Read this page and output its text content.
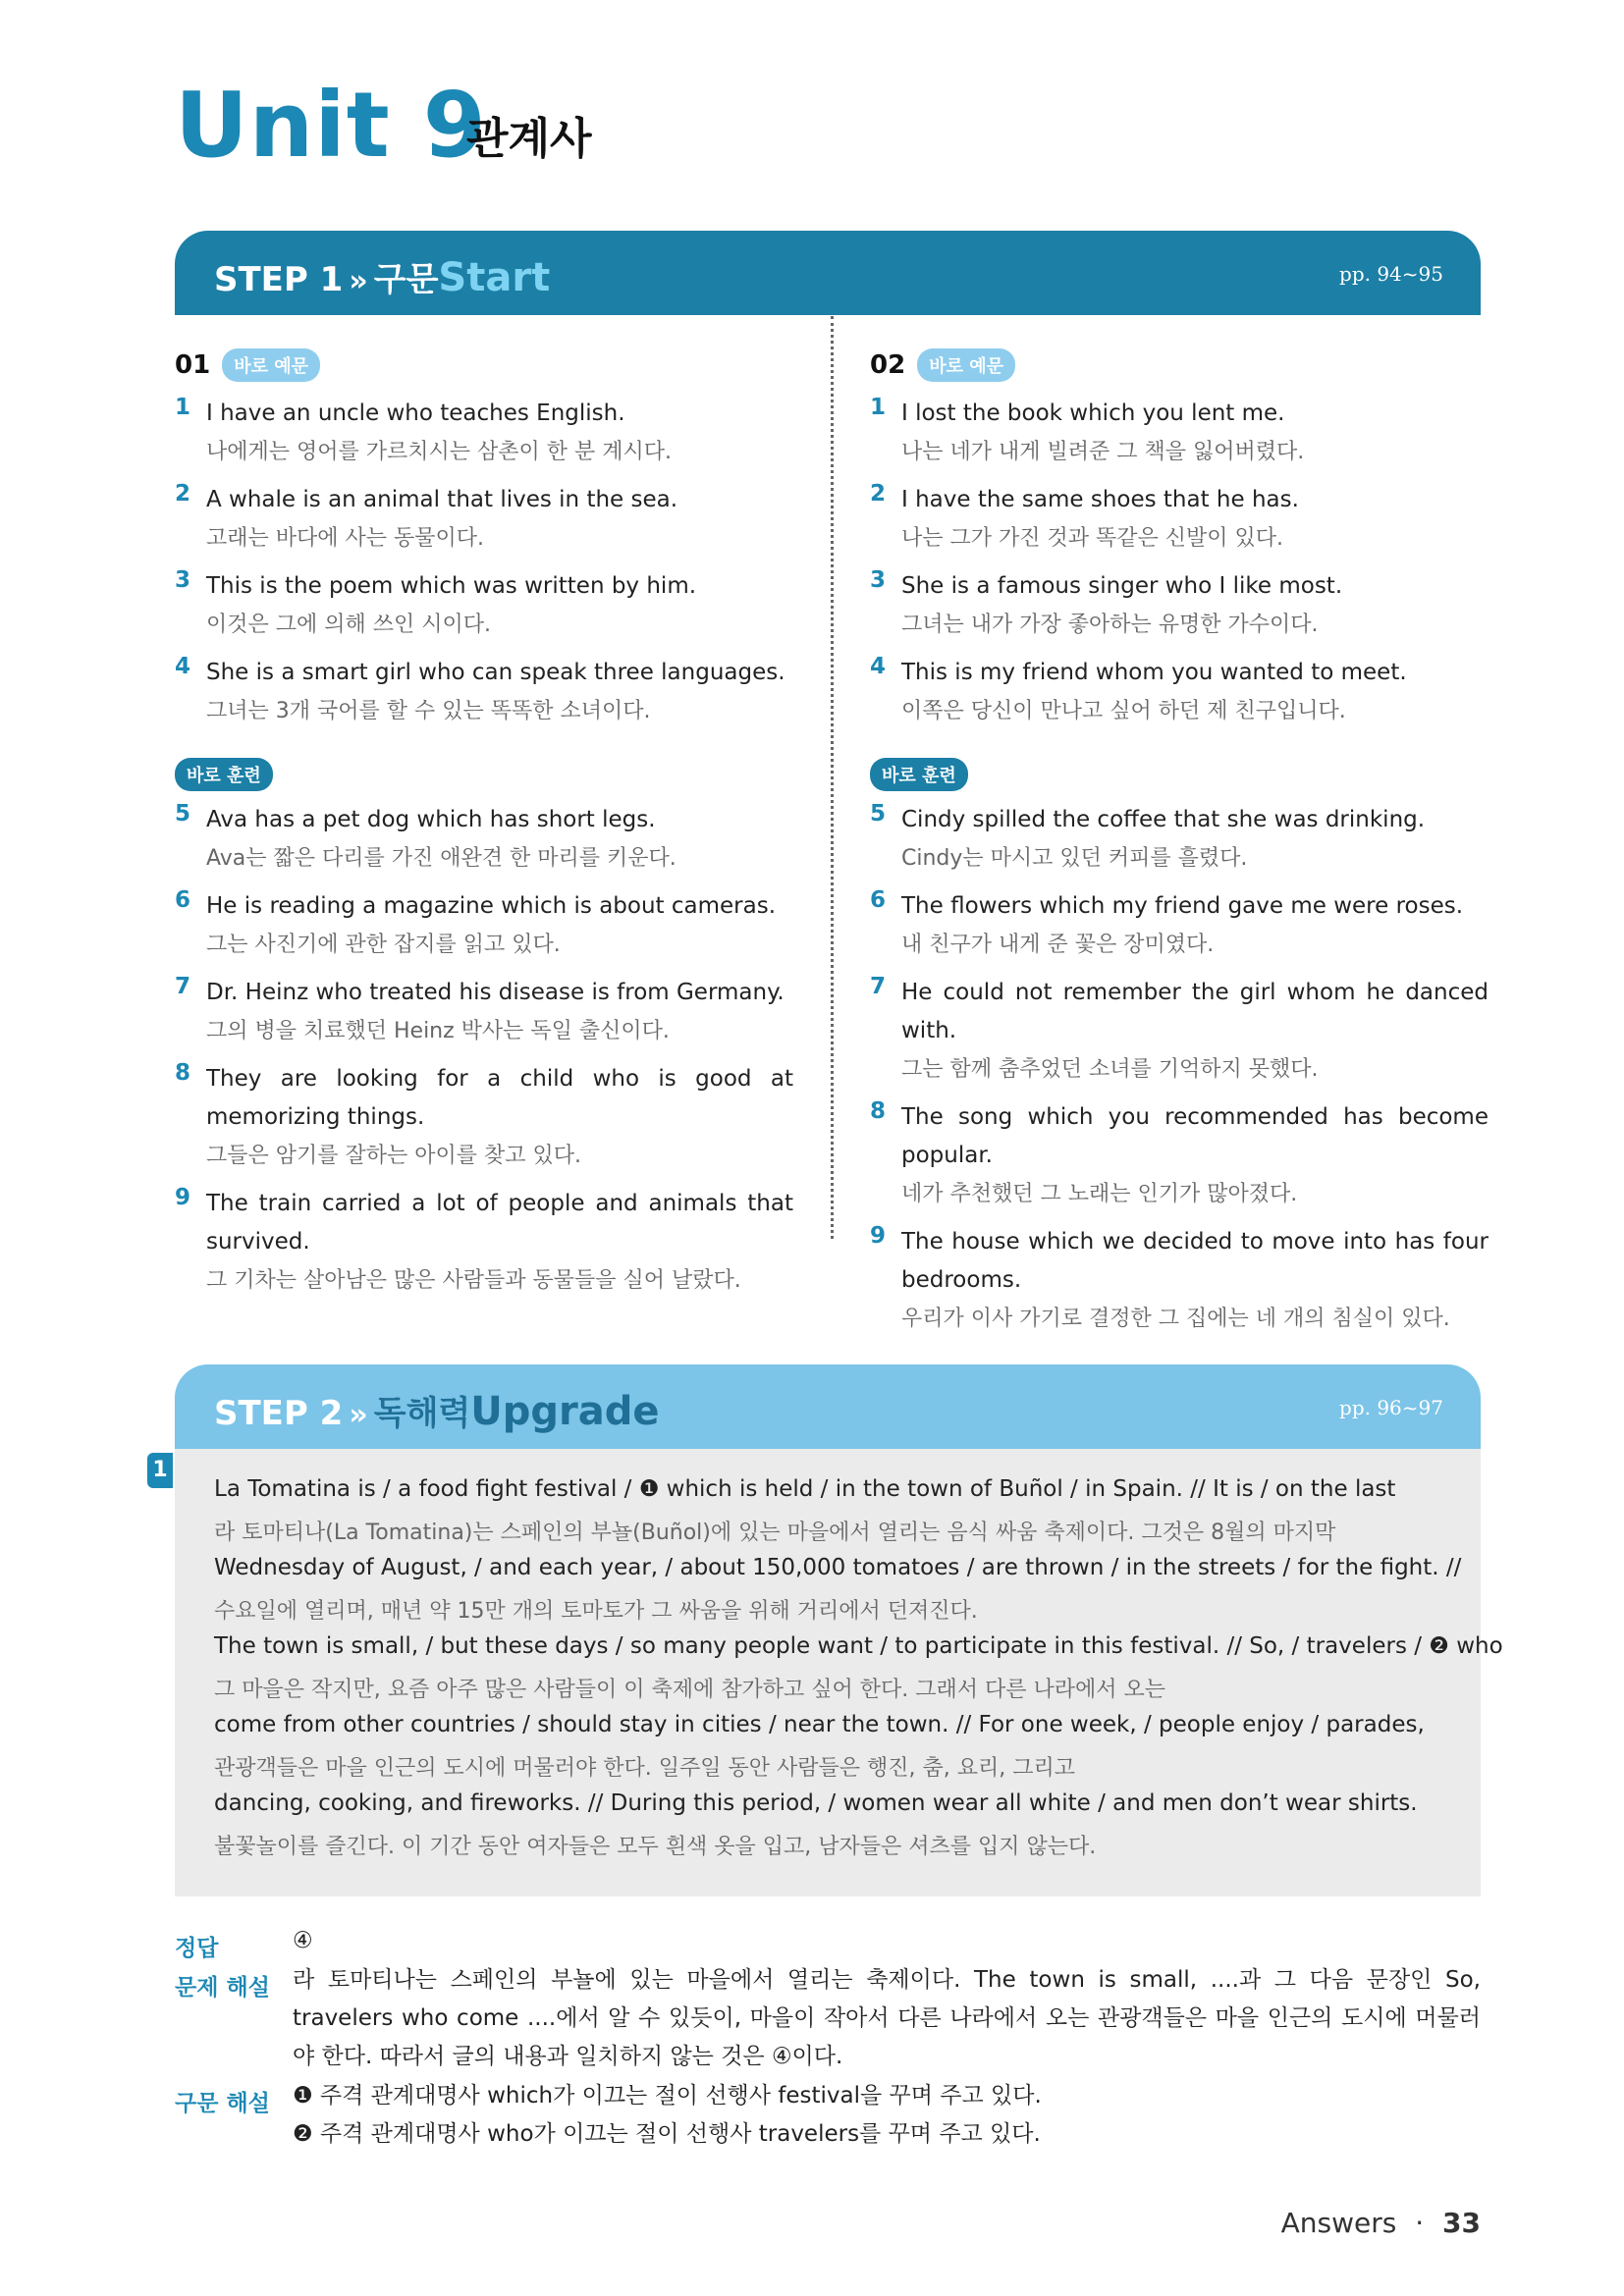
Unit 9
관계사
STEP 1 » 구문Start	pp. 94~95
01	바로 예문
1 I have an uncle who teaches English.
나에게는 영어를 가르치시는 삼촌이 한 분 계시다.
2 A whale is an animal that lives in the sea.
고래는 바다에 사는 동물이다.
3 This is the poem which was written by him.
이것은 그에 의해 쓰인 시이다.
4 She is a smart girl who can speak three languages.
그녀는 3개 국어를 할 수 있는 똑똑한 소녀이다.
바로 훈련
5 Ava has a pet dog which has short legs.
Ava는 짧은 다리를 가진 애완견 한 마리를 키운다.
6 He is reading a magazine which is about cameras.
그는 사진기에 관한 잡지를 읽고 있다.
7 Dr. Heinz who treated his disease is from Germany.
그의 병을 치료했던 Heinz 박사는 독일 출신이다.
8 They are looking for a child who is good at memorizing things.
그들은 암기를 잘하는 아이를 찾고 있다.
9 The train carried a lot of people and animals that survived.
그 기차는 살아남은 많은 사람들과 동물들을 실어 날랐다.
02	바로 예문
1 I lost the book which you lent me.
나는 네가 내게 빌려준 그 책을 잃어버렸다.
2 I have the same shoes that he has.
나는 그가 가진 것과 똑같은 신발이 있다.
3 She is a famous singer who I like most.
그녀는 내가 가장 좋아하는 유명한 가수이다.
4 This is my friend whom you wanted to meet.
이쪽은 당신이 만나고 싶어 하던 제 친구입니다.
바로 훈련
5 Cindy spilled the coffee that she was drinking.
Cindy는 마시고 있던 커피를 흘렸다.
6 The flowers which my friend gave me were roses.
내 친구가 내게 준 꽃은 장미였다.
7 He could not remember the girl whom he danced with.
그는 함께 춤추었던 소녀를 기억하지 못했다.
8 The song which you recommended has become popular.
네가 추천했던 그 노래는 인기가 많아졌다.
9 The house which we decided to move into has four bedrooms.
우리가 이사 가기로 결정한 그 집에는 네 개의 침실이 있다.
STEP 2 » 독해력Upgrade	pp. 96~97
1
La Tomatina is / a food fight festival / ❶ which is held / in the town of Buñol / in Spain. // It is / on the last
라 토마티나(La Tomatina)는 스페인의 부뇰(Buñol)에 있는 마을에서 열리는 음식 싸움 축제이다. 그것은 8월의 마지막
Wednesday of August, / and each year, / about 150,000 tomatoes / are thrown / in the streets / for the fight. //
수요일에 열리며, 매년 약 15만 개의 토마토가 그 싸움을 위해 거리에서 던져진다.
The town is small, / but these days / so many people want / to participate in this festival. // So, / travelers / ❷ who
그 마을은 작지만, 요즘 아주 많은 사람들이 이 축제에 참가하고 싶어 한다. 그래서 다른 나라에서 오는
come from other countries / should stay in cities / near the town. // For one week, / people enjoy / parades,
관광객들은 마을 인근의 도시에 머물러야 한다. 일주일 동안 사람들은 행진, 춤, 요리, 그리고
dancing, cooking, and fireworks. // During this period, / women wear all white / and men don’t wear shirts.
불꽃놀이를 즐긴다. 이 기간 동안 여자들은 모두 흰색 옷을 입고, 남자들은 셔츠를 입지 않는다.
정답	④
문제 해설 라 토마티나는 스페인의 부뇰에 있는 마을에서 열리는 축제이다. The town is small, ....과 그 다음 문장인 So, travelers who come ....에서 알 수 있듯이, 마을이 작아서 다른 나라에서 오는 관광객들은 마을 인근의 도시에 머물러야 한다. 따라서 글의 내용과 일치하지 않는 것은 ④이다.
구문 해설 ❶ 주격 관계대명사 which가 이끄는 절이 선행사 festival을 꾸며 주고 있다.
❷ 주격 관계대명사 who가 이끄는 절이 선행사 travelers를 꾸며 주고 있다.
Answers · 33
